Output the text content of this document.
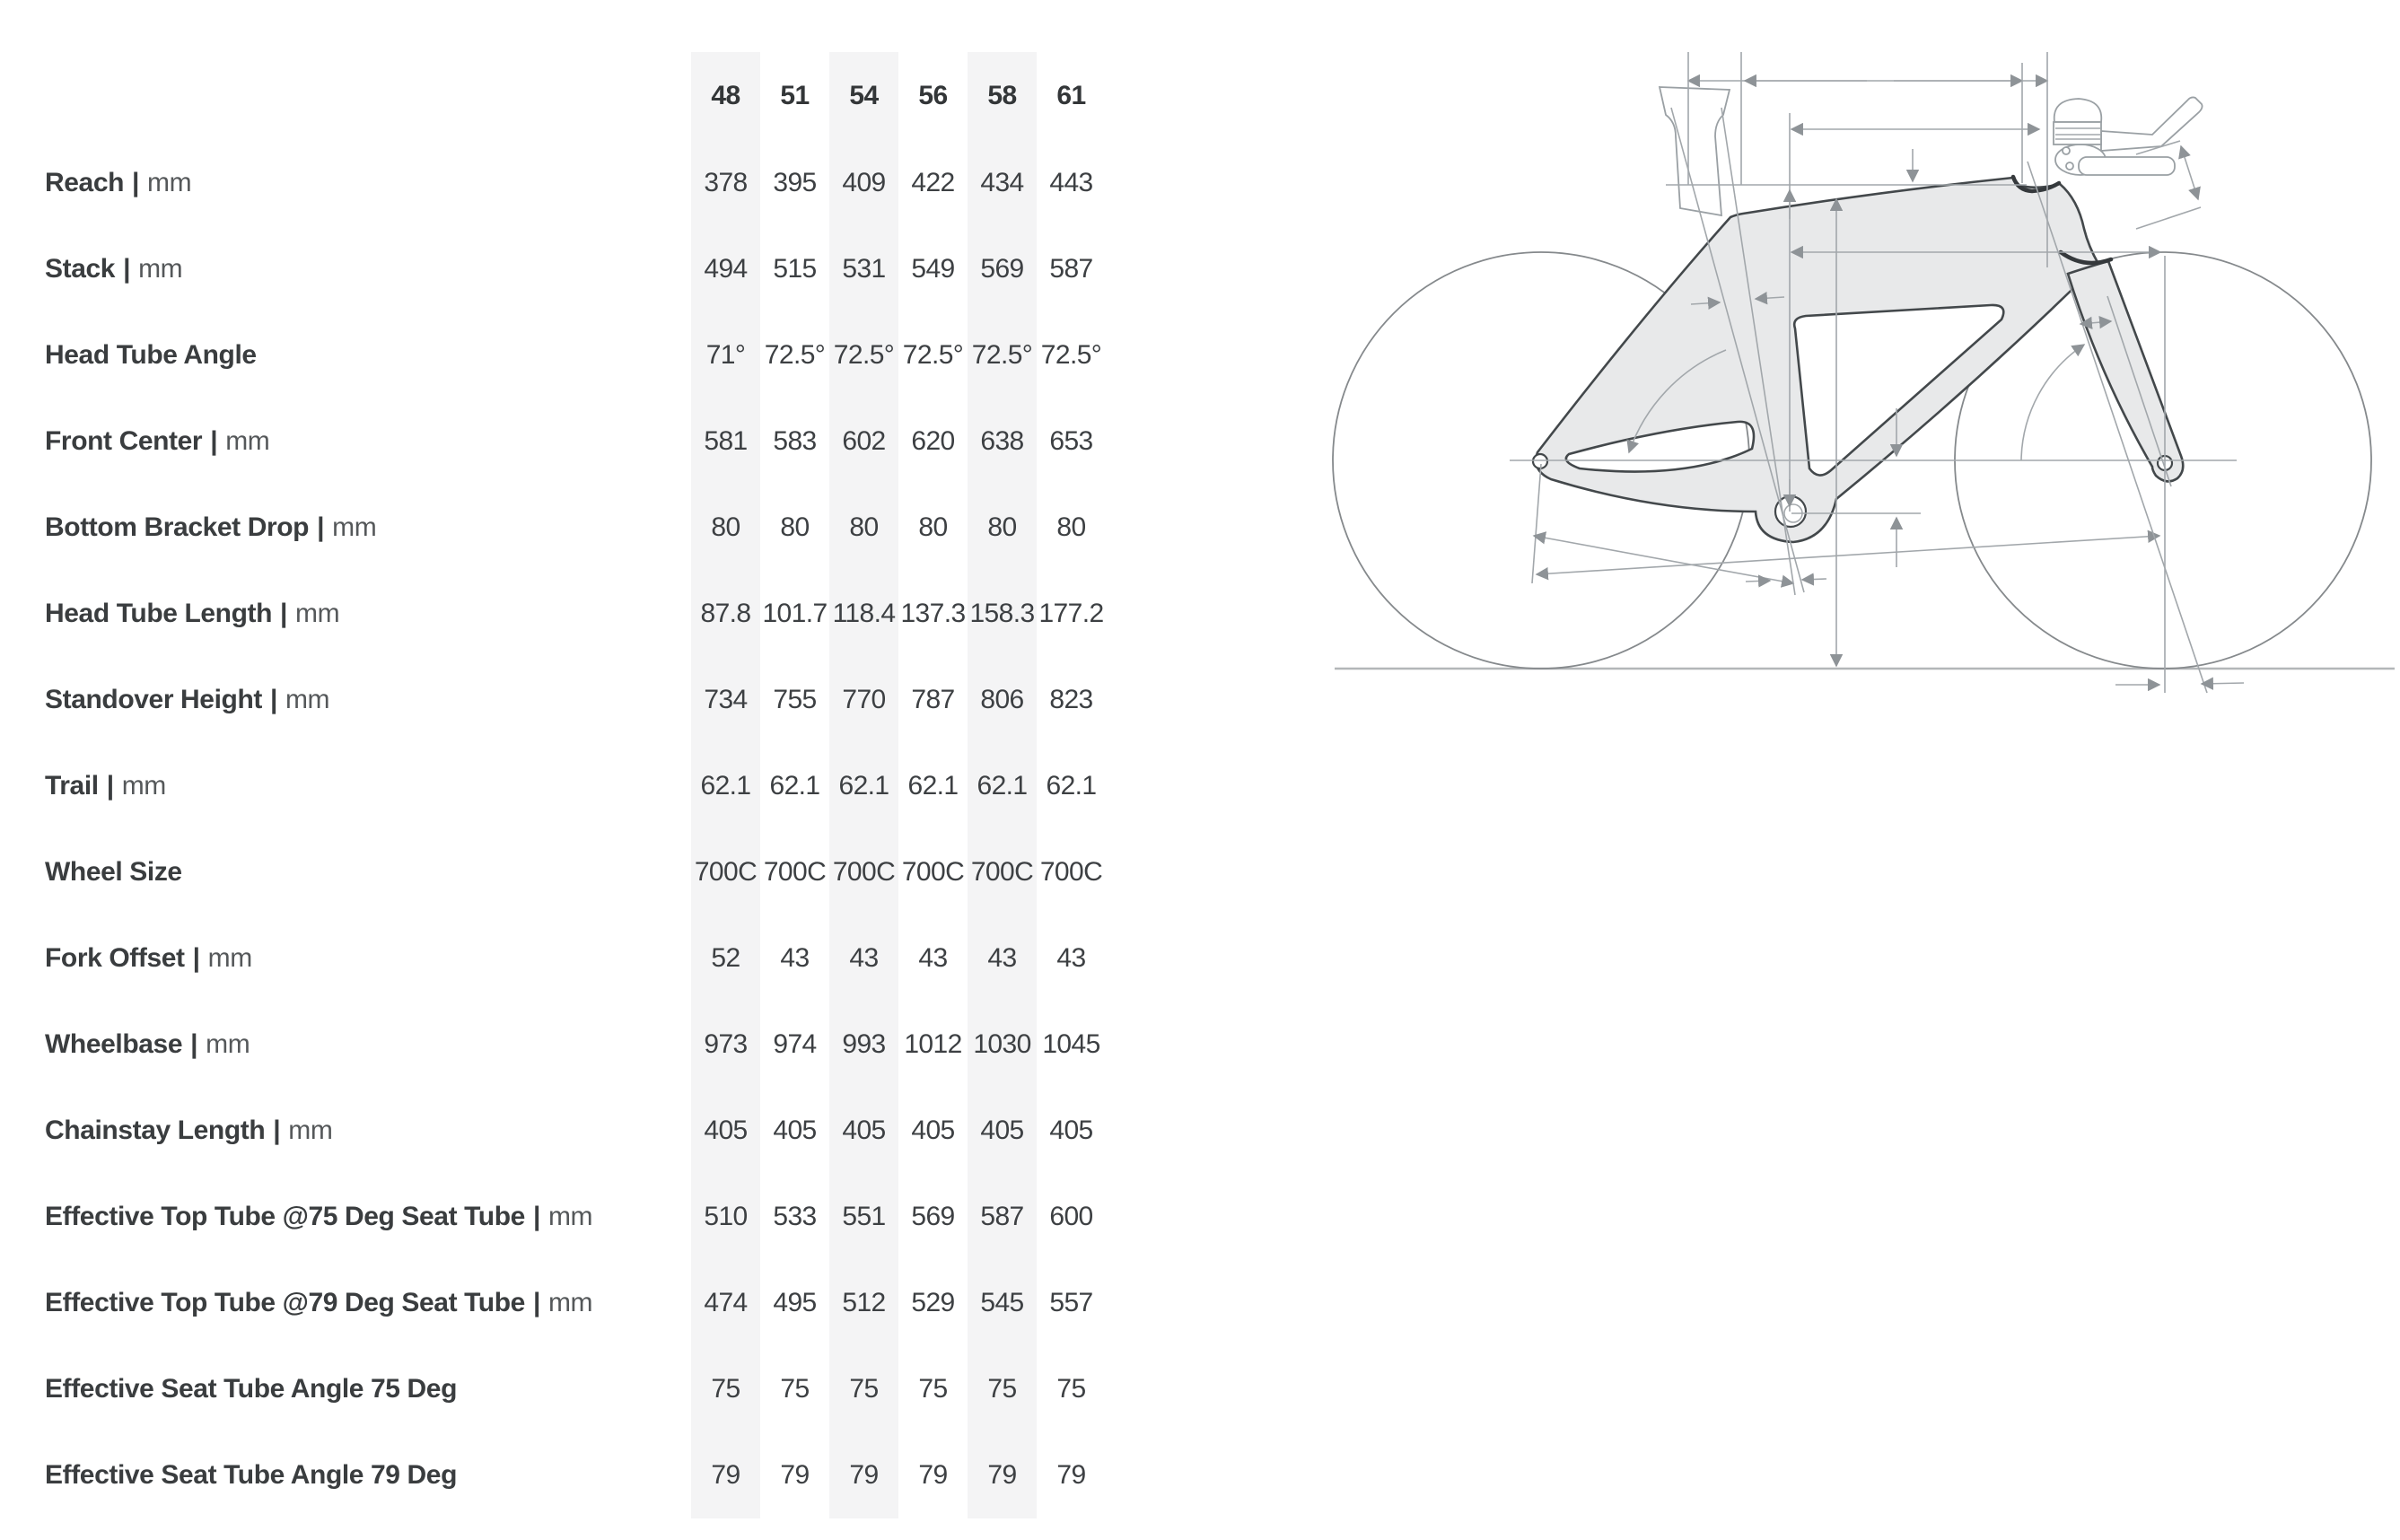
48	51	54	56	58	61
Reach | mm	378 395 409 422 434 443
Stack | mm	494 515 531 549 569 587
Head Tube Angle	71° 72.5° 72.5° 72.5° 72.5° 72.5°
Front Center | mm	581 583 602 620 638 653
Bottom Bracket Drop | mm	80	80	80	80	80	80
Head Tube Length | mm	87.8 101.7 118.4 137.3 158.3 177.2
Standover Height | mm	734 755 770 787 806 823
Trail | mm	62.1 62.1 62.1 62.1 62.1 62.1
Wheel Size	700C 700C 700C 700C 700C 700C
Fork Offset | mm	52	43	43	43	43	43
Wheelbase | mm	973 974 993 1012 1030 1045
Chainstay Length | mm	405 405 405 405 405 405
Effective Top Tube @75 Deg Seat Tube | mm	510 533 551 569 587 600
Effective Top Tube @79 Deg Seat Tube | mm	474 495 512 529 545 557
Effective Seat Tube Angle 75 Deg	75	75	75	75	75	75
Effective Seat Tube Angle 79 Deg	79	79	79	79	79	79
